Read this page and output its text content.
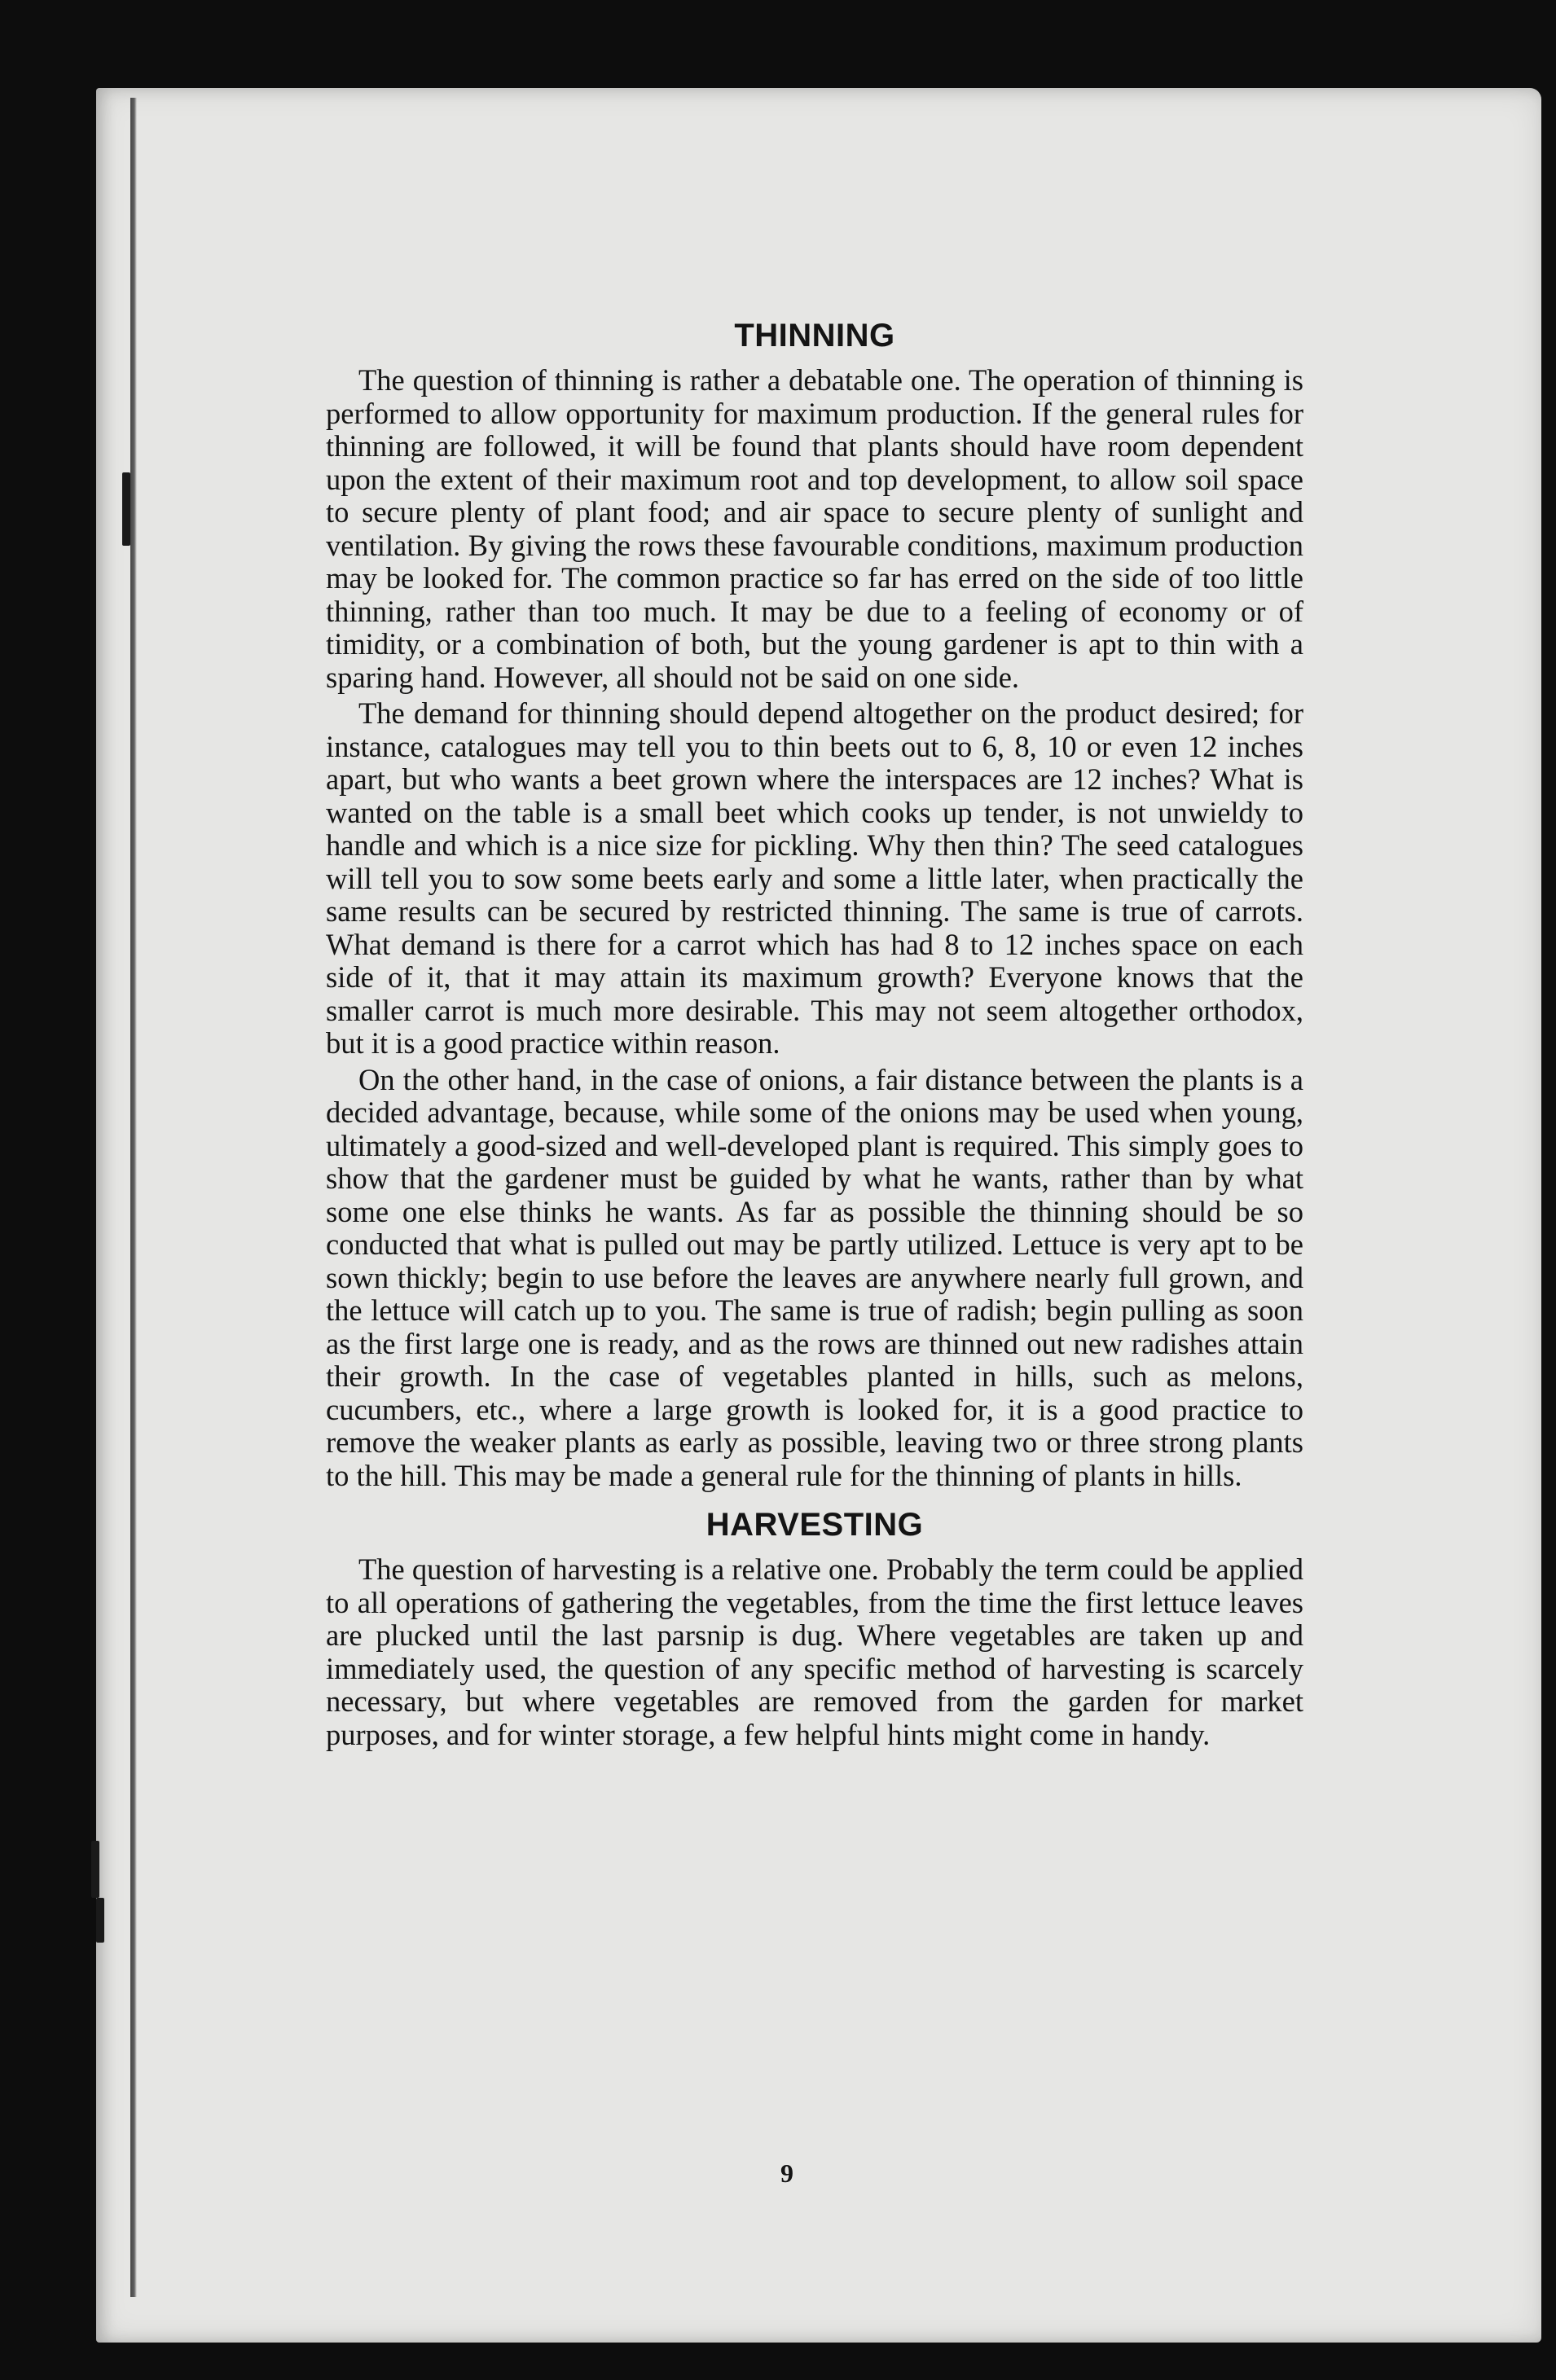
THINNING

The question of thinning is rather a debatable one. The operation of thinning is performed to allow opportunity for maximum production. If the general rules for thinning are followed, it will be found that plants should have room dependent upon the extent of their maximum root and top development, to allow soil space to secure plenty of plant food; and air space to secure plenty of sunlight and ventilation. By giving the rows these favourable conditions, maximum production may be looked for. The common practice so far has erred on the side of too little thinning, rather than too much. It may be due to a feeling of economy or of timidity, or a combination of both, but the young gardener is apt to thin with a sparing hand. However, all should not be said on one side.

The demand for thinning should depend altogether on the product desired; for instance, catalogues may tell you to thin beets out to 6, 8, 10 or even 12 inches apart, but who wants a beet grown where the interspaces are 12 inches? What is wanted on the table is a small beet which cooks up tender, is not unwieldy to handle and which is a nice size for pickling. Why then thin? The seed catalogues will tell you to sow some beets early and some a little later, when practically the same results can be secured by restricted thinning. The same is true of carrots. What demand is there for a carrot which has had 8 to 12 inches space on each side of it, that it may attain its maximum growth? Everyone knows that the smaller carrot is much more desirable. This may not seem altogether orthodox, but it is a good practice within reason.

On the other hand, in the case of onions, a fair distance between the plants is a decided advantage, because, while some of the onions may be used when young, ultimately a good-sized and well-developed plant is required. This simply goes to show that the gardener must be guided by what he wants, rather than by what some one else thinks he wants. As far as possible the thinning should be so conducted that what is pulled out may be partly utilized. Lettuce is very apt to be sown thickly; begin to use before the leaves are anywhere nearly full grown, and the lettuce will catch up to you. The same is true of radish; begin pulling as soon as the first large one is ready, and as the rows are thinned out new radishes attain their growth. In the case of vegetables planted in hills, such as melons, cucumbers, etc., where a large growth is looked for, it is a good practice to remove the weaker plants as early as possible, leaving two or three strong plants to the hill. This may be made a general rule for the thinning of plants in hills.

HARVESTING

The question of harvesting is a relative one. Probably the term could be applied to all operations of gathering the vegetables, from the time the first lettuce leaves are plucked until the last parsnip is dug. Where vegetables are taken up and immediately used, the question of any specific method of harvesting is scarcely necessary, but where vegetables are removed from the garden for market purposes, and for winter storage, a few helpful hints might come in handy.

9
